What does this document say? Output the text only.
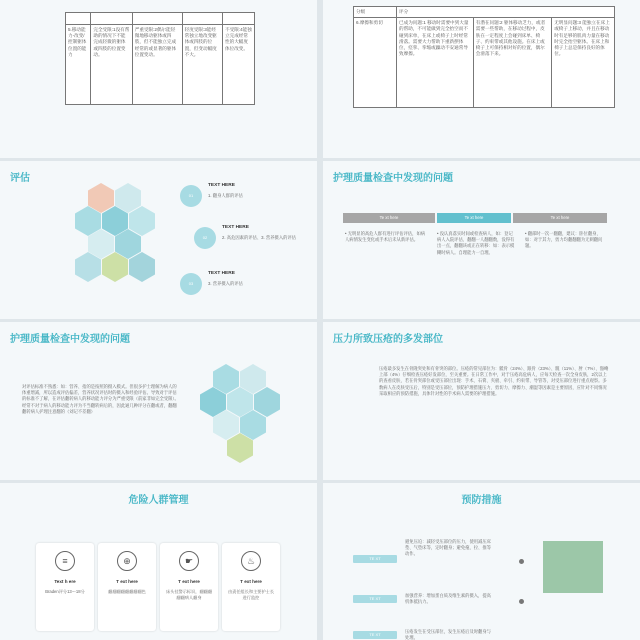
5.移动能力-改变/控制躯体位置的能力	完全受限:1没有帮助的情况下不能完成轻微的躯体或四肢的位置变动。	严重受限:2偶尔能轻微地移动躯体或四肢，但不能独立完成经常的或显著的躯体位置变动。	轻度受限:3能经常独立地改变躯体或四肢的位置，但变动幅度不大。	不受限:4能独立完成经常性的大幅度体位改变。
分级	评分		
6.摩擦和剪切	已成为问题:1 移动时需要中到大量的帮助，不可能做到完全抬空而不碰到床单，在床上或椅子上时经常滑落。需要大力帮助下重新摆体位，痉挛、挛缩或躁动不安通常导致摩擦。	有潜在问题:2 躯体移动乏力，或者需要一些帮助，在移动过程中，皮肤在一定程度上会碰到床单、椅子、约束带或其他设施。在床上或椅子上可保持相对好的位置，偶尔会滑落下来。	无明显问题:3 能独立在床上或椅子上移动，并且在移动时有足够的肌肉力量在移动时完全抬空躯体。在床上和椅子上总是保持良好的体位。
评估
01
TEXT HERE
1. 翻身人群的评估
02
TEXT HERE
2. 高危因素的评估、3. 营养摄入的评估
03
TEXT HERE
3. 营养摄入的评估
护理质量检查中发现的问题
Te xt here	Te xt here	Te xt here
• 无明显的高危人群有进行评估评估，如病人病情发生变化或手术后未从新评估。
• 没认真落实时间或检查病人，如：登记病人入院评估、翻翻一人翻翻数，没得有出一点，翻翻该或正在转移：如：表示模糊时病人。自理能力一自理。
• 翻部时一次一翻翻，建议：卧位翻身，如：对于其力，剪力均翻翻翻为无刺翻问题。
护理质量检查中发现的问题
对评估标准不熟悉：如：营养、指的是按照的摄入模式。但很多护士理解为病人的体重增减，所以造成评估偏差，营养状况评估时的摄入和经验评估。导致对于评估的标准不了解，在评估翻转病人的移动能力评分为严重受限（前家非如完全受限）。经常不对于病人的移动能力评为不当翻转病后的，因此通几种评分在翻或者，翻翻翻转病人护理注意翻的（刘记不差翻）
压力所致压疮的多发部位
压疮最多发生在骨隆突处和有骨突的部位。压疮的常见部位为：骶骨（24%）、跟骨（23%）、髋（11%）、肘（7%）、髂嵴上部（4%）仔细检查压疮好发部位，至关重要。在日常工作中，对于压疮高危病人，应每天检查一次全身皮肤，2次以上的查看皮肤，若在骨突部位或受压部位出现：手术、石膏、夹板、牵引、约束带、导管等，对受压部位进行重点观察。多数病人在皮肤受压后，特别是受压部位，预防护理措施压力、剪切力、摩擦力、潮湿等因素是主要原因，应针对不同情况采取相应的预防措施，具体针对性的手术病人需要的护理措施。
危险人群管理
≡
Text h ere
Braden评分13～18分
⊕
T ext here
翻翻翻翻翻翻翻翻色
☛
T ext here
床头挂警示标识，翻翻翻翻翻病人翻身
♨
T ext here
由责任组长和主要护士长进行监控
预防措施
TE XT
避免压迫：减轻受压部位的压力，使用减压床垫、气垫床等，定时翻身；避免拖、拉、推等动作。
TE XT
加强营养：增加蛋白质及维生素的摄入，提高机体抵抗力。
TE XT
压疮发生在受压部位，发生压疮后及时翻身与处理。
